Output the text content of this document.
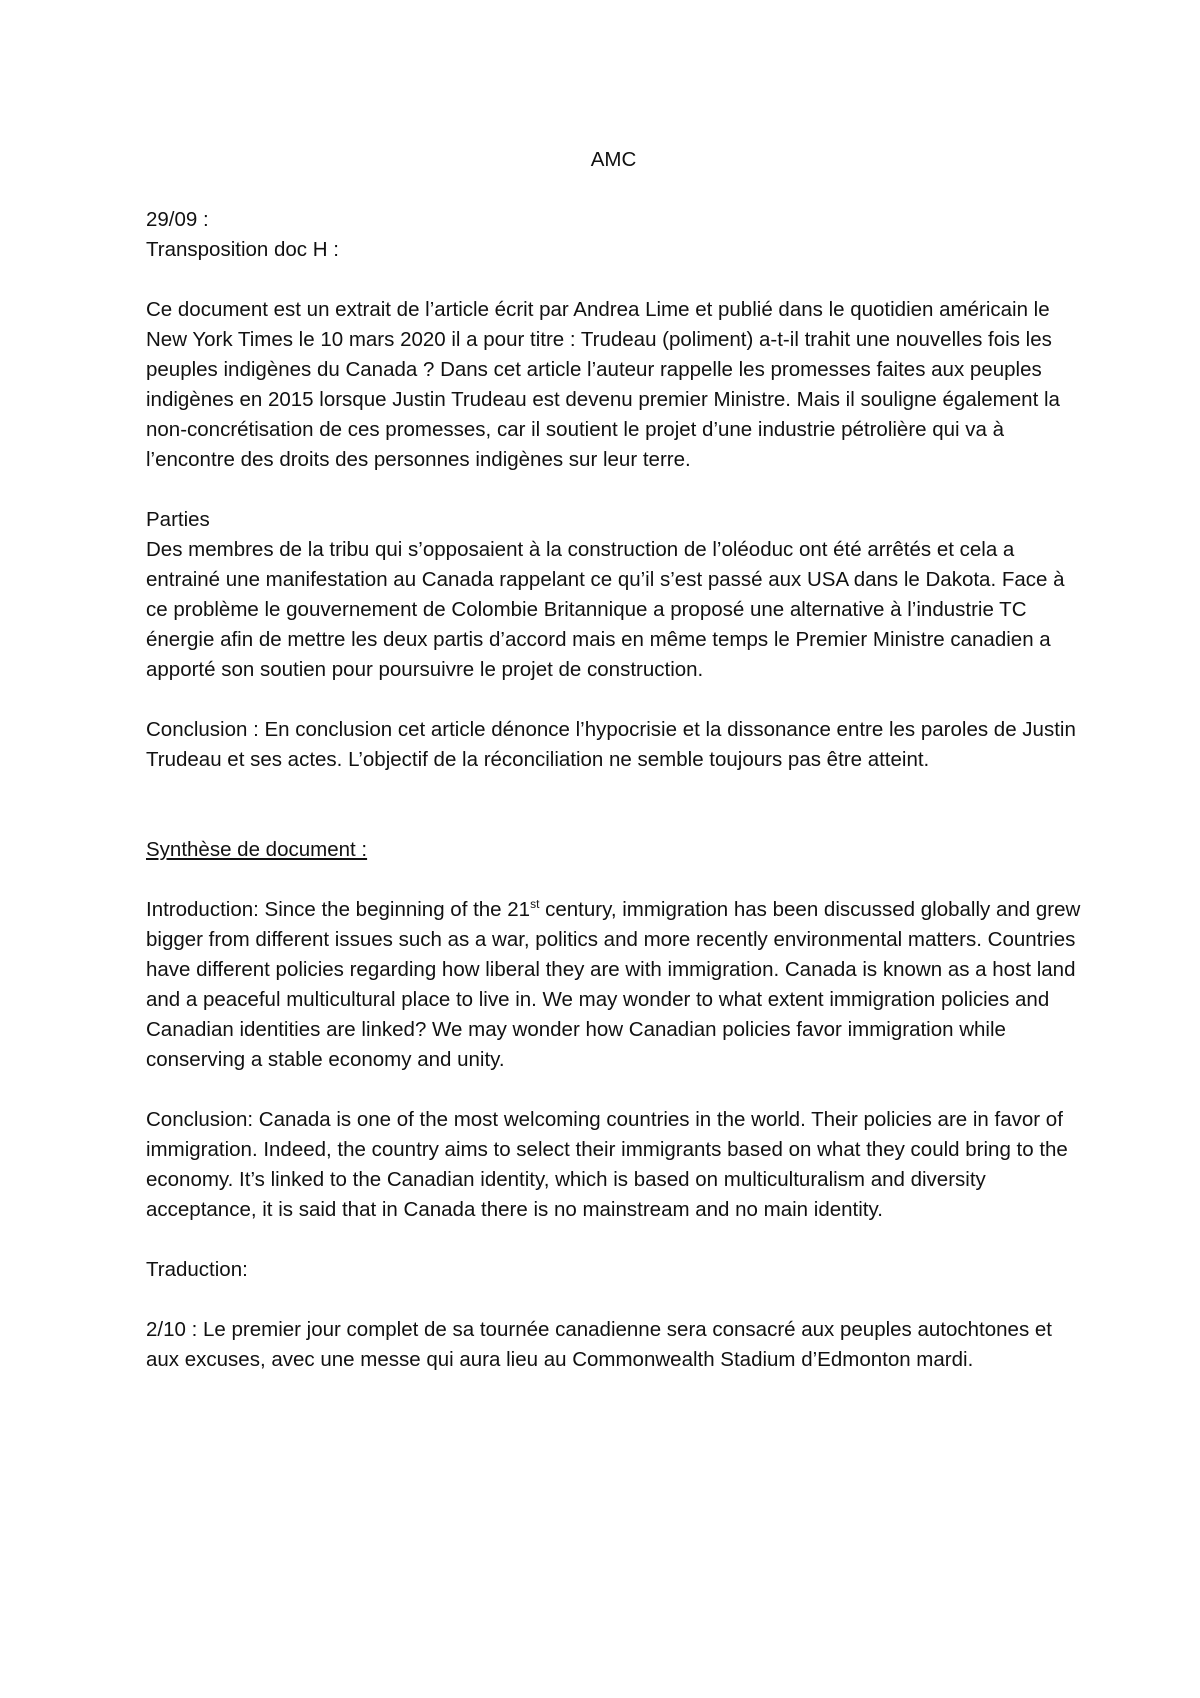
AMC
29/09 :
Transposition doc H :
Ce document est un extrait de l’article écrit par Andrea Lime et publié dans le quotidien américain le New York Times le 10 mars 2020 il a pour titre : Trudeau (poliment) a-t-il trahit une nouvelles fois les peuples indigènes du Canada ? Dans cet article l’auteur rappelle les promesses faites aux peuples indigènes en 2015 lorsque Justin Trudeau est devenu premier Ministre. Mais il souligne également la non-concrétisation de ces promesses, car il soutient le projet d’une industrie pétrolière qui va à l’encontre des droits des personnes indigènes sur leur terre.
Parties
Des membres de la tribu qui s’opposaient à la construction de l’oléoduc ont été arrêtés et cela a entrainé une manifestation au Canada rappelant ce qu’il s’est passé aux USA dans le Dakota. Face à ce problème le gouvernement de Colombie Britannique a proposé une alternative à l’industrie TC énergie afin de mettre les deux partis d’accord mais en même temps le Premier Ministre canadien a apporté son soutien pour poursuivre le projet de construction.
Conclusion : En conclusion cet article dénonce l’hypocrisie et la dissonance entre les paroles de Justin Trudeau et ses actes. L’objectif de la réconciliation ne semble toujours pas être atteint.
Synthèse de document :
Introduction: Since the beginning of the 21st century, immigration has been discussed globally and grew bigger from different issues such as a war, politics and more recently environmental matters. Countries have different policies regarding how liberal they are with immigration. Canada is known as a host land and a peaceful multicultural place to live in. We may wonder to what extent immigration policies and Canadian identities are linked? We may wonder how Canadian policies favor immigration while conserving a stable economy and unity.
Conclusion: Canada is one of the most welcoming countries in the world. Their policies are in favor of immigration. Indeed, the country aims to select their immigrants based on what they could bring to the economy. It’s linked to the Canadian identity, which is based on multiculturalism and diversity acceptance, it is said that in Canada there is no mainstream and no main identity.
Traduction:
2/10 : Le premier jour complet de sa tournée canadienne sera consacré aux peuples autochtones et aux excuses, avec une messe qui aura lieu au Commonwealth Stadium d’Edmonton mardi.
